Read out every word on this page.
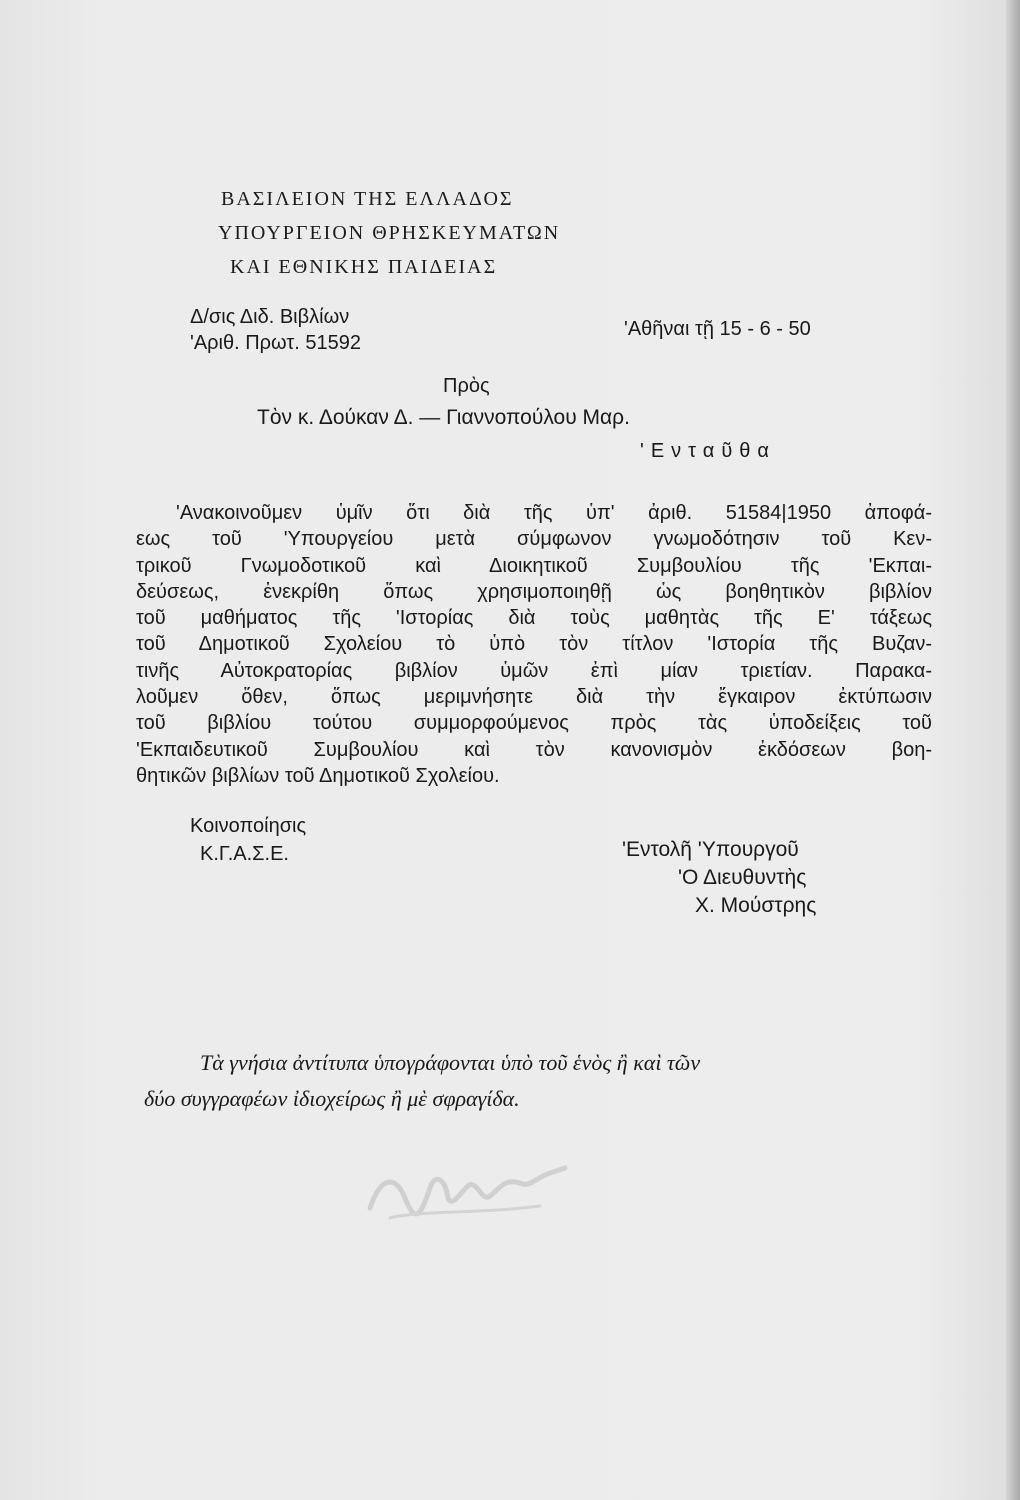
ΒΑΣΙΛΕΙΟΝ ΤΗΣ ΕΛΛΑΔΟΣ
ΥΠΟΥΡΓΕΙΟΝ ΘΡΗΣΚΕΥΜΑΤΩΝ
ΚΑΙ ΕΘΝΙΚΗΣ ΠΑΙΔΕΙΑΣ
Δ/σις Διδ. Βιβλίων
'Αριθ. Πρωτ. 51592
'Αθῆναι τῇ 15 - 6 - 50
Πρὸς
Τὸν κ. Δούκαν Δ. — Γιαννοπούλου Μαρ.
'Ενταῦθα
'Ανακοινοῦμεν ὑμῖν ὅτι διὰ τῆς ὑπ' ἀριθ. 51584|1950 ἀποφά-
εως τοῦ 'Υπουργείου μετὰ σύμφωνον γνωμοδότησιν τοῦ Κεν-
τρικοῦ Γνωμοδοτικοῦ καὶ Διοικητικοῦ Συμβουλίου τῆς 'Εκπαι-
δεύσεως, ἐνεκρίθη ὅπως χρησιμοποιηθῇ ὡς βοηθητικὸν βιβλίον
τοῦ μαθήματος τῆς 'Ιστορίας διὰ τοὺς μαθητὰς τῆς Ε' τάξεως
τοῦ Δημοτικοῦ Σχολείου τὸ ὑπὸ τὸν τίτλον 'Ιστορία τῆς Βυζαν-
τινῆς Αὐτοκρατορίας βιβλίον ὑμῶν ἐπὶ μίαν τριετίαν. Παρακα-
λοῦμεν ὅθεν, ὅπως μεριμνήσητε διὰ τὴν ἔγκαιρον ἐκτύπωσιν
τοῦ βιβλίου τούτου συμμορφούμενος πρὸς τὰς ὑποδείξεις τοῦ
'Εκπαιδευτικοῦ Συμβουλίου καὶ τὸν κανονισμὸν ἐκδόσεων βοη-
θητικῶν βιβλίων τοῦ Δημοτικοῦ Σχολείου.
Κοινοποίησις
Κ.Γ.Α.Σ.Ε.	'Εντολῆ 'Υπουργοῦ
'Ο Διευθυντὴς
Χ. Μούστρης
Τὰ γνήσια ἀντίτυπα ὑπογράφονται ὑπὸ τοῦ ἑνὸς ἢ καὶ τῶν
δύο συγγραφέων ἰδιοχείρως ἢ μὲ σφραγίδα.
